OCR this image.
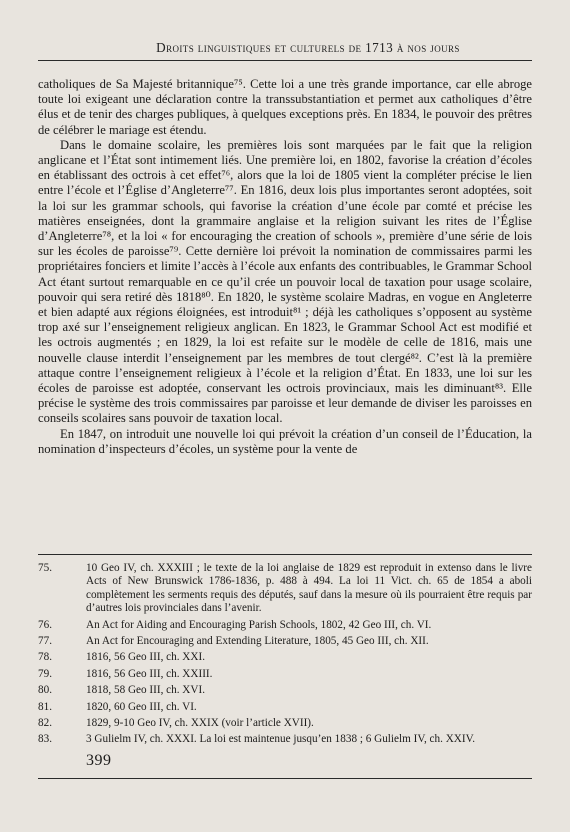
Droits linguistiques et culturels de 1713 à nos jours

catholiques de Sa Majesté britannique⁷⁵. Cette loi a une très grande importance, car elle abroge toute loi exigeant une déclaration contre la transsubstantiation et permet aux catholiques d’être élus et de tenir des charges publiques, à quelques exceptions près. En 1834, le pouvoir des prêtres de célébrer le mariage est étendu.

Dans le domaine scolaire, les premières lois sont marquées par le fait que la religion anglicane et l’État sont intimement liés. Une première loi, en 1802, favorise la création d’écoles en établissant des octrois à cet effet⁷⁶, alors que la loi de 1805 vient la compléter précise le lien entre l’école et l’Église d’Angleterre⁷⁷. En 1816, deux lois plus importantes seront adoptées, soit la loi sur les grammar schools, qui favorise la création d’une école par comté et précise les matières enseignées, dont la grammaire anglaise et la religion suivant les rites de l’Église d’Angleterre⁷⁸, et la loi « for encouraging the creation of schools », première d’une série de lois sur les écoles de paroisse⁷⁹. Cette dernière loi prévoit la nomination de commissaires parmi les propriétaires fonciers et limite l’accès à l’école aux enfants des contribuables, le Grammar School Act étant surtout remarquable en ce qu’il crée un pouvoir local de taxation pour usage scolaire, pouvoir qui sera retiré dès 1818⁸⁰. En 1820, le système scolaire Madras, en vogue en Angleterre et bien adapté aux régions éloignées, est introduit⁸¹ ; déjà les catholiques s’opposent au système trop axé sur l’enseignement religieux anglican. En 1823, le Grammar School Act est modifié et les octrois augmentés ; en 1829, la loi est refaite sur le modèle de celle de 1816, mais une nouvelle clause interdit l’enseignement par les membres de tout clergé⁸². C’est là la première attaque contre l’enseignement religieux à l’école et la religion d’État. En 1833, une loi sur les écoles de paroisse est adoptée, conservant les octrois provinciaux, mais les diminuant⁸³. Elle précise le système des trois commissaires par paroisse et leur demande de diviser les paroisses en conseils scolaires sans pouvoir de taxation local.

En 1847, on introduit une nouvelle loi qui prévoit la création d’un conseil de l’Éducation, la nomination d’inspecteurs d’écoles, un système pour la vente de

75.	10 Geo IV, ch. XXXIII ; le texte de la loi anglaise de 1829 est reproduit in extenso dans le livre Acts of New Brunswick 1786-1836, p. 488 à 494. La loi 11 Vict. ch. 65 de 1854 a aboli complètement les serments requis des députés, sauf dans la mesure où ils pourraient être requis par d’autres lois provinciales dans l’avenir.
76.	An Act for Aiding and Encouraging Parish Schools, 1802, 42 Geo III, ch. VI.
77.	An Act for Encouraging and Extending Literature, 1805, 45 Geo III, ch. XII.
78.	1816, 56 Geo III, ch. XXI.
79.	1816, 56 Geo III, ch. XXIII.
80.	1818, 58 Geo III, ch. XVI.
81.	1820, 60 Geo III, ch. VI.
82.	1829, 9-10 Geo IV, ch. XXIX (voir l’article XVII).
83.	3 Gulielm IV, ch. XXXI. La loi est maintenue jusqu’en 1838 ; 6 Gulielm IV, ch. XXIV.
399
